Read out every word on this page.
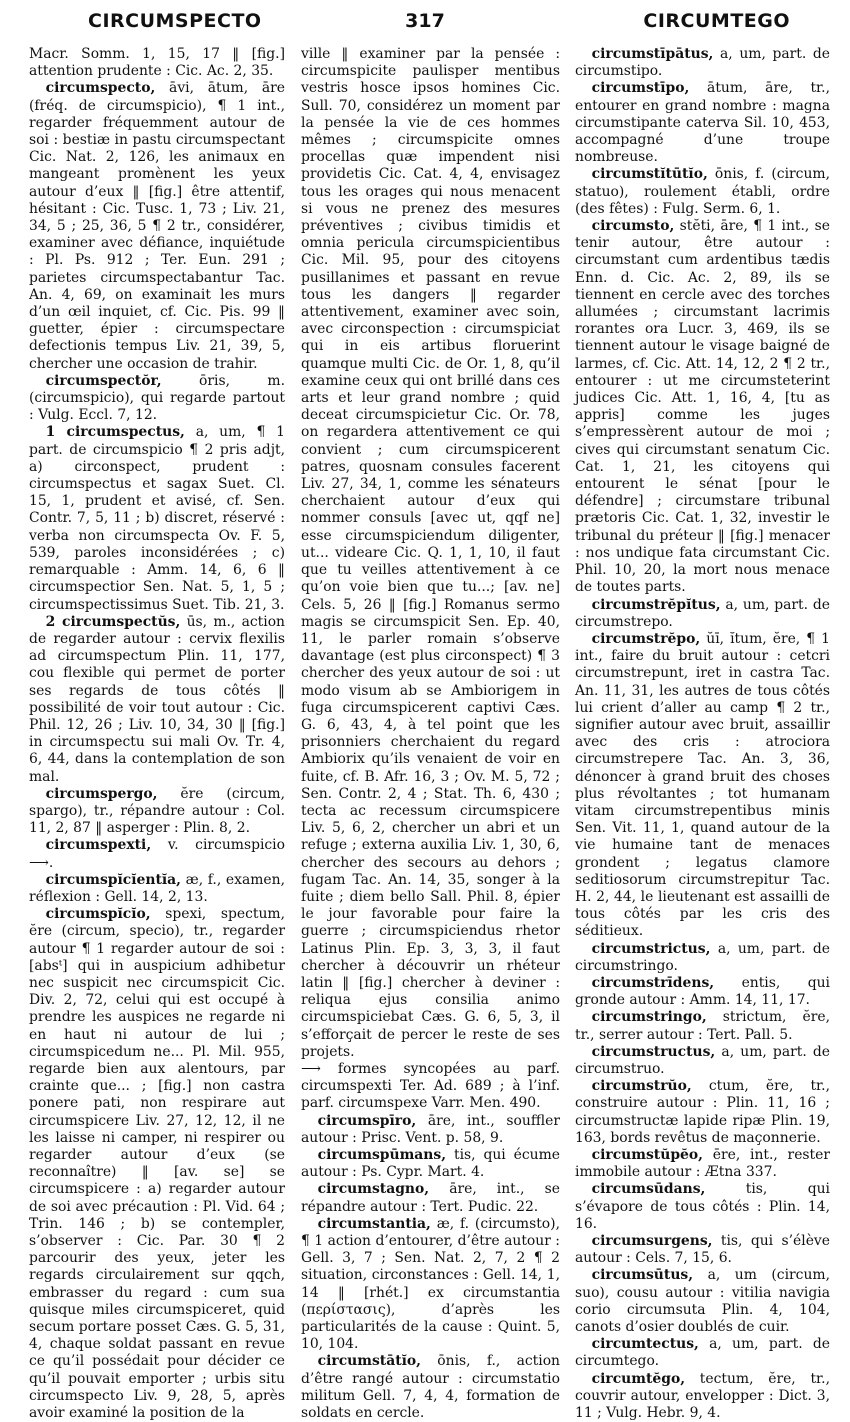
CIRCUMSPECTO	317	CIRCUMTEGO

Macr. Somm. 1, 15, 17 ‖ [fig.] attention prudente : Cic. Ac. 2, 35.

circumspecto, āvi, ātum, āre (fréq. de circumspicio), ¶ 1 int., regarder fréquemment autour de soi : bestiæ in pastu circumspectant Cic. Nat. 2, 126, les animaux en mangeant promènent les yeux autour d’eux ‖ [fig.] être attentif, hésitant : Cic. Tusc. 1, 73 ; Liv. 21, 34, 5 ; 25, 36, 5 ¶ 2 tr., considérer, examiner avec défiance, inquiétude : Pl. Ps. 912 ; Ter. Eun. 291 ; parietes circumspectabantur Tac. An. 4, 69, on examinait les murs d’un œil inquiet, cf. Cic. Pis. 99 ‖ guetter, épier : circumspectare defectionis tempus Liv. 21, 39, 5, chercher une occasion de trahir.

circumspectŏr,	ōris, m. (circumspicio), qui regarde partout : Vulg. Eccl. 7, 12.

1 circumspectus, a, um, ¶ 1 part. de circumspicio ¶ 2 pris adjt, a) circonspect, prudent : circumspectus et sagax Suet. Cl. 15, 1, prudent et avisé, cf. Sen. Contr. 7, 5, 11 ; b) discret, réservé : verba non circumspecta Ov. F. 5, 539, paroles inconsidérées ; c) remarquable : Amm. 14, 6, 6 ‖ circumspectior Sen. Nat. 5, 1, 5 ; circumspectissimus Suet. Tib. 21, 3.

2 circumspectŭs, ūs, m., action de regarder autour : cervix flexilis ad circumspectum Plin. 11, 177, cou flexible qui permet de porter ses regards de tous côtés ‖ possibilité de voir tout autour : Cic. Phil. 12, 26 ; Liv. 10, 34, 30 ‖ [fig.] in circumspectu sui mali Ov. Tr. 4, 6, 44, dans la contemplation de son mal.

circumspergo, ĕre (circum, spargo), tr., répandre autour : Col. 11, 2, 87 ‖ asperger : Plin. 8, 2.

circumspexti, v. circumspicio ⟶.

circumspĭcĭentĭa, æ, f., examen, réflexion : Gell. 14, 2, 13.

circumspĭcĭo, spexi, spectum, ĕre (circum, specio), tr., regarder autour ¶ 1 regarder autour de soi : [absᵗ] qui in auspicium adhibetur nec suspicit nec circumspicit Cic. Div. 2, 72, celui qui est occupé à prendre les auspices ne regarde ni en haut ni autour de lui ; circumspicedum ne... Pl. Mil. 955, regarde bien aux alentours, par crainte que... ; [fig.] non castra ponere pati, non respirare aut circumspicere Liv. 27, 12, 12, il ne les laisse ni camper, ni respirer ou regarder autour d’eux (se reconnaître) ‖ [av. se] se circumspicere : a) regarder autour de soi avec précaution : Pl. Vid. 64 ; Trin. 146 ; b) se contempler, s’observer : Cic. Par. 30 ¶ 2 parcourir des yeux, jeter les regards circulairement sur qqch, embrasser du regard : cum sua quisque miles circumspiceret, quid secum portare posset Cæs. G. 5, 31, 4, chaque soldat passant en revue ce qu’il possédait pour décider ce qu’il pouvait emporter ; urbis situ circumspecto Liv. 9, 28, 5, après avoir examiné la position de la

ville ‖ examiner par la pensée : circumspicite paulisper mentibus vestris hosce ipsos homines Cic. Sull. 70, considérez un moment par la pensée la vie de ces hommes mêmes ; circumspicite omnes procellas quæ impendent nisi providetis Cic. Cat. 4, 4, envisagez tous les orages qui nous menacent si vous ne prenez des mesures préventives ; civibus timidis et omnia pericula circumspicientibus Cic. Mil. 95, pour des citoyens pusillanimes et passant en revue tous les dangers ‖ regarder attentivement, examiner avec soin, avec circonspection : circumspiciat qui in eis artibus floruerint quamque multi Cic. de Or. 1, 8, qu’il examine ceux qui ont brillé dans ces arts et leur grand nombre ; quid deceat circumspicietur Cic. Or. 78, on regardera attentivement ce qui convient ; cum circumspicerent patres, quosnam consules facerent Liv. 27, 34, 1, comme les sénateurs cherchaient autour d’eux qui nommer consuls [avec ut, qqf ne] esse circumspiciendum diligenter, ut... videare Cic. Q. 1, 1, 10, il faut que tu veilles attentivement à ce qu’on voie bien que tu...; [av. ne] Cels. 5, 26 ‖ [fig.] Romanus sermo magis se circumspicit Sen. Ep. 40, 11, le parler romain s’observe davantage (est plus circonspect) ¶ 3 chercher des yeux autour de soi : ut modo visum ab se Ambiorigem in fuga circumspicerent captivi Cæs. G. 6, 43, 4, à tel point que les prisonniers cherchaient du regard Ambiorix qu’ils venaient de voir en fuite, cf. B. Afr. 16, 3 ; Ov. M. 5, 72 ; Sen. Contr. 2, 4 ; Stat. Th. 6, 430 ; tecta ac recessum circumspicere Liv. 5, 6, 2, chercher un abri et un refuge ; externa auxilia Liv. 1, 30, 6, chercher des secours au dehors ; fugam Tac. An. 14, 35, songer à la fuite ; diem bello Sall. Phil. 8, épier le jour favorable pour faire la guerre ; circumspiciendus rhetor Latinus Plin. Ep. 3, 3, 3, il faut chercher à découvrir un rhéteur latin ‖ [fig.] chercher à deviner : reliqua ejus consilia animo circumspiciebat Cæs. G. 6, 5, 3, il s’efforçait de percer le reste de ses projets.

⟶ formes syncopées au parf. circumspexti Ter. Ad. 689 ; à l’inf. parf. circumspexe Varr. Men. 490.

circumspīro, āre, int., souffler autour : Prisc. Vent. p. 58, 9.

circumspūmans, tis, qui écume autour : Ps. Cypr. Mart. 4.

circumstagno, āre, int., se répandre autour : Tert. Pudic. 22.

circumstantia, æ, f. (circumsto), ¶ 1 action d’entourer, d’être autour : Gell. 3, 7 ; Sen. Nat. 2, 7, 2 ¶ 2 situation, circonstances : Gell. 14, 1, 14 ‖ [rhét.] ex circumstantia (περίστασις), d’après les particularités de la cause : Quint. 5, 10, 104.

circumstātĭo, ōnis, f., action d’être rangé autour : circumstatio militum Gell. 7, 4, 4, formation de soldats en cercle.

circumstīpātus, a, um, part. de circumstipo.

circumstīpo, ātum, āre, tr., entourer en grand nombre : magna circumstipante caterva Sil. 10, 453, accompagné d’une troupe nombreuse.

circumstĭtūtĭo, ōnis, f. (circum, statuo), roulement établi, ordre (des fêtes) : Fulg. Serm. 6, 1.

circumsto, stĕti, āre, ¶ 1 int., se tenir autour, être autour : circumstant cum ardentibus tædis Enn. d. Cic. Ac. 2, 89, ils se tiennent en cercle avec des torches allumées ; circumstant lacrimis rorantes ora Lucr. 3, 469, ils se tiennent autour le visage baigné de larmes, cf. Cic. Att. 14, 12, 2 ¶ 2 tr., entourer : ut me circumsteterint judices Cic. Att. 1, 16, 4, [tu as appris] comme les juges s’empressèrent autour de moi ; cives qui circumstant senatum Cic. Cat. 1, 21, les citoyens qui entourent le sénat [pour le défendre] ; circumstare tribunal prætoris Cic. Cat. 1, 32, investir le tribunal du préteur ‖ [fig.] menacer : nos undique fata circumstant Cic. Phil. 10, 20, la mort nous menace de toutes parts.

circumstrĕpĭtus, a, um, part. de circumstrepo.

circumstrĕpo, ŭī, ĭtum, ĕre, ¶ 1 int., faire du bruit autour : cetcri circumstrepunt, iret in castra Tac. An. 11, 31, les autres de tous côtés lui crient d’aller au camp ¶ 2 tr., signifier autour avec bruit, assaillir avec des cris : atrociora circumstrepere Tac. An. 3, 36, dénoncer à grand bruit des choses plus révoltantes ; tot humanam vitam circumstrepentibus minis Sen. Vit. 11, 1, quand autour de la vie humaine tant de menaces grondent ; legatus clamore seditiosorum circumstrepitur Tac. H. 2, 44, le lieutenant est assailli de tous côtés par les cris des séditieux.

circumstrictus, a, um, part. de circumstringo.

circumstrīdens, entis, qui gronde autour : Amm. 14, 11, 17.

circumstringo, strictum, ĕre, tr., serrer autour : Tert. Pall. 5.

circumstructus, a, um, part. de circumstruo.

circumstrŭo, ctum, ĕre, tr., construire autour : Plin. 11, 16 ; circumstructæ lapide ripæ Plin. 19, 163, bords revêtus de maçonnerie.

circumstŭpĕo, ēre, int., rester immobile autour : Ætna 337.

circumsūdans,	tis, qui s’évapore de tous côtés : Plin. 14, 16.

circumsurgens, tis, qui s’élève autour : Cels. 7, 15, 6.

circumsūtus, a, um (circum, suo), cousu autour : vitilia navigia corio circumsuta Plin. 4, 104, canots d’osier doublés de cuir.

circumtectus, a, um, part. de circumtego.

circumtĕgo, tectum, ĕre, tr., couvrir autour, envelopper : Dict. 3, 11 ; Vulg. Hebr. 9, 4.
